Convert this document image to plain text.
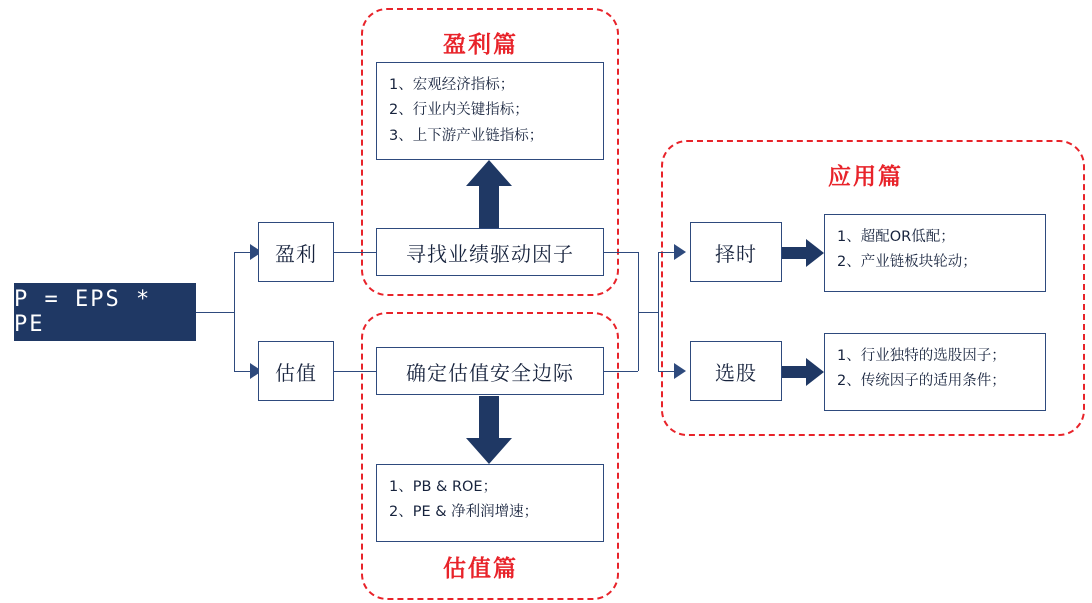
盈利篇
估值篇
应用篇
P = EPS * PE
盈利
估值
寻找业绩驱动因子
确定估值安全边际
1、宏观经济指标；
2、行业内关键指标；
3、上下游产业链指标；
1、PB & ROE；
2、PE & 净利润增速；
择时
选股
1、超配OR低配；
2、产业链板块轮动；
1、行业独特的选股因子；
2、传统因子的适用条件；
